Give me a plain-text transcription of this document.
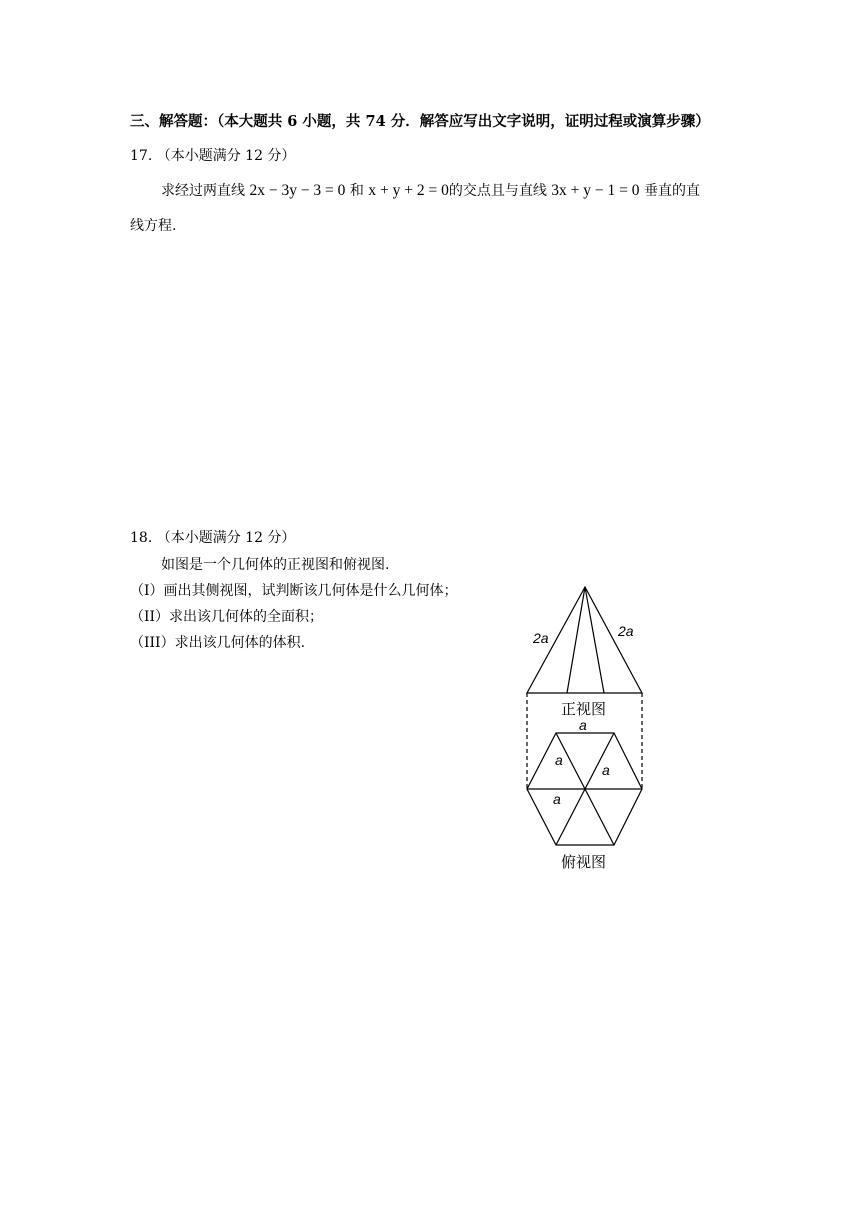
三、解答题：（本大题共 6 小题，共 74 分．解答应写出文字说明，证明过程或演算步骤）
17. （本小题满分 12 分）
求经过两直线 2x − 3y − 3 = 0 和 x + y + 2 = 0的交点且与直线 3x + y − 1 = 0 垂直的直
线方程.
18. （本小题满分 12 分）
如图是一个几何体的正视图和俯视图.
（I）画出其侧视图，试判断该几何体是什么几何体；
（II）求出该几何体的全面积；
（III）求出该几何体的体积.	2a	2a
正视图
a
a
a
a
俯视图
